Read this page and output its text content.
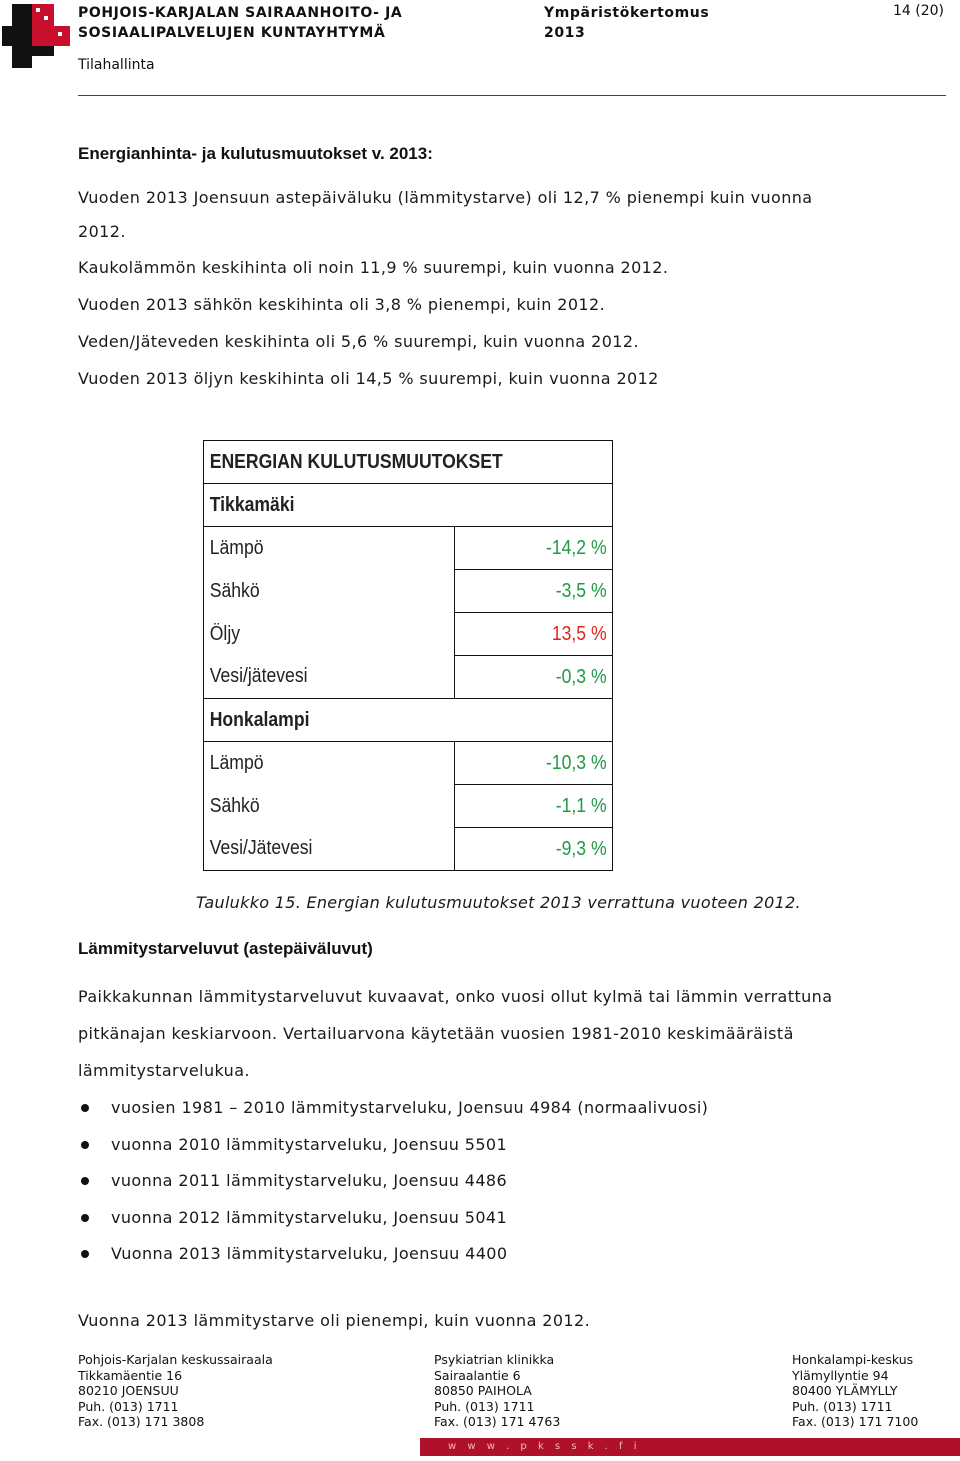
POHJOIS-KARJALAN SAIRAANHOITO- JA
SOSIAALIPALVELUJEN KUNTAYHTYMÄ
Ympäristökertomus
2013
14 (20)
Tilahallinta
Energianhinta- ja kulutusmuutokset v. 2013:

Vuoden 2013 Joensuun astepäiväluku (lämmitystarve) oli 12,7 % pienempi kuin vuonna

2012.

Kaukolämmön keskihinta oli noin 11,9 % suurempi, kuin vuonna 2012.

Vuoden 2013 sähkön keskihinta oli 3,8 % pienempi, kuin 2012.

Veden/Jäteveden keskihinta oli 5,6 % suurempi, kuin vuonna 2012.

Vuoden 2013 öljyn keskihinta oli 14,5 % suurempi, kuin vuonna 2012

ENERGIAN KULUTUSMUUTOKSET	
Tikkamäki	
Lämpö	-14,2 %
Sähkö	-3,5 %
Öljy	13,5 %
Vesi/jätevesi	-0,3 %
Honkalampi	
Lämpö	-10,3 %
Sähkö	-1,1 %
Vesi/Jätevesi	-9,3 %
Taulukko 15. Energian kulutusmuutokset 2013 verrattuna vuoteen 2012.
Lämmitystarveluvut (astepäiväluvut)

Paikkakunnan lämmitystarveluvut kuvaavat, onko vuosi ollut kylmä tai lämmin verrattuna

pitkänajan keskiarvoon. Vertailuarvona käytetään vuosien 1981-2010 keskimääräistä

lämmitystarvelukua.

vuosien 1981 – 2010 lämmitystarveluku, Joensuu 4984 (normaalivuosi)
vuonna 2010 lämmitystarveluku, Joensuu 5501
vuonna 2011 lämmitystarveluku, Joensuu 4486
vuonna 2012 lämmitystarveluku, Joensuu 5041
Vuonna 2013 lämmitystarveluku, Joensuu 4400

Vuonna 2013 lämmitystarve oli pienempi, kuin vuonna 2012.

Pohjois-Karjalan keskussairaala
Tikkamäentie 16
80210 JOENSUU
Puh. (013) 1711
Fax. (013) 171 3808
Psykiatrian klinikka
Sairaalantie 6
80850 PAIHOLA
Puh. (013) 1711
Fax. (013) 171 4763
Honkalampi-keskus
Ylämyllyntie 94
80400 YLÄMYLLY
Puh. (013) 1711
Fax. (013) 171 7100
w w w . p k s s k . f i
